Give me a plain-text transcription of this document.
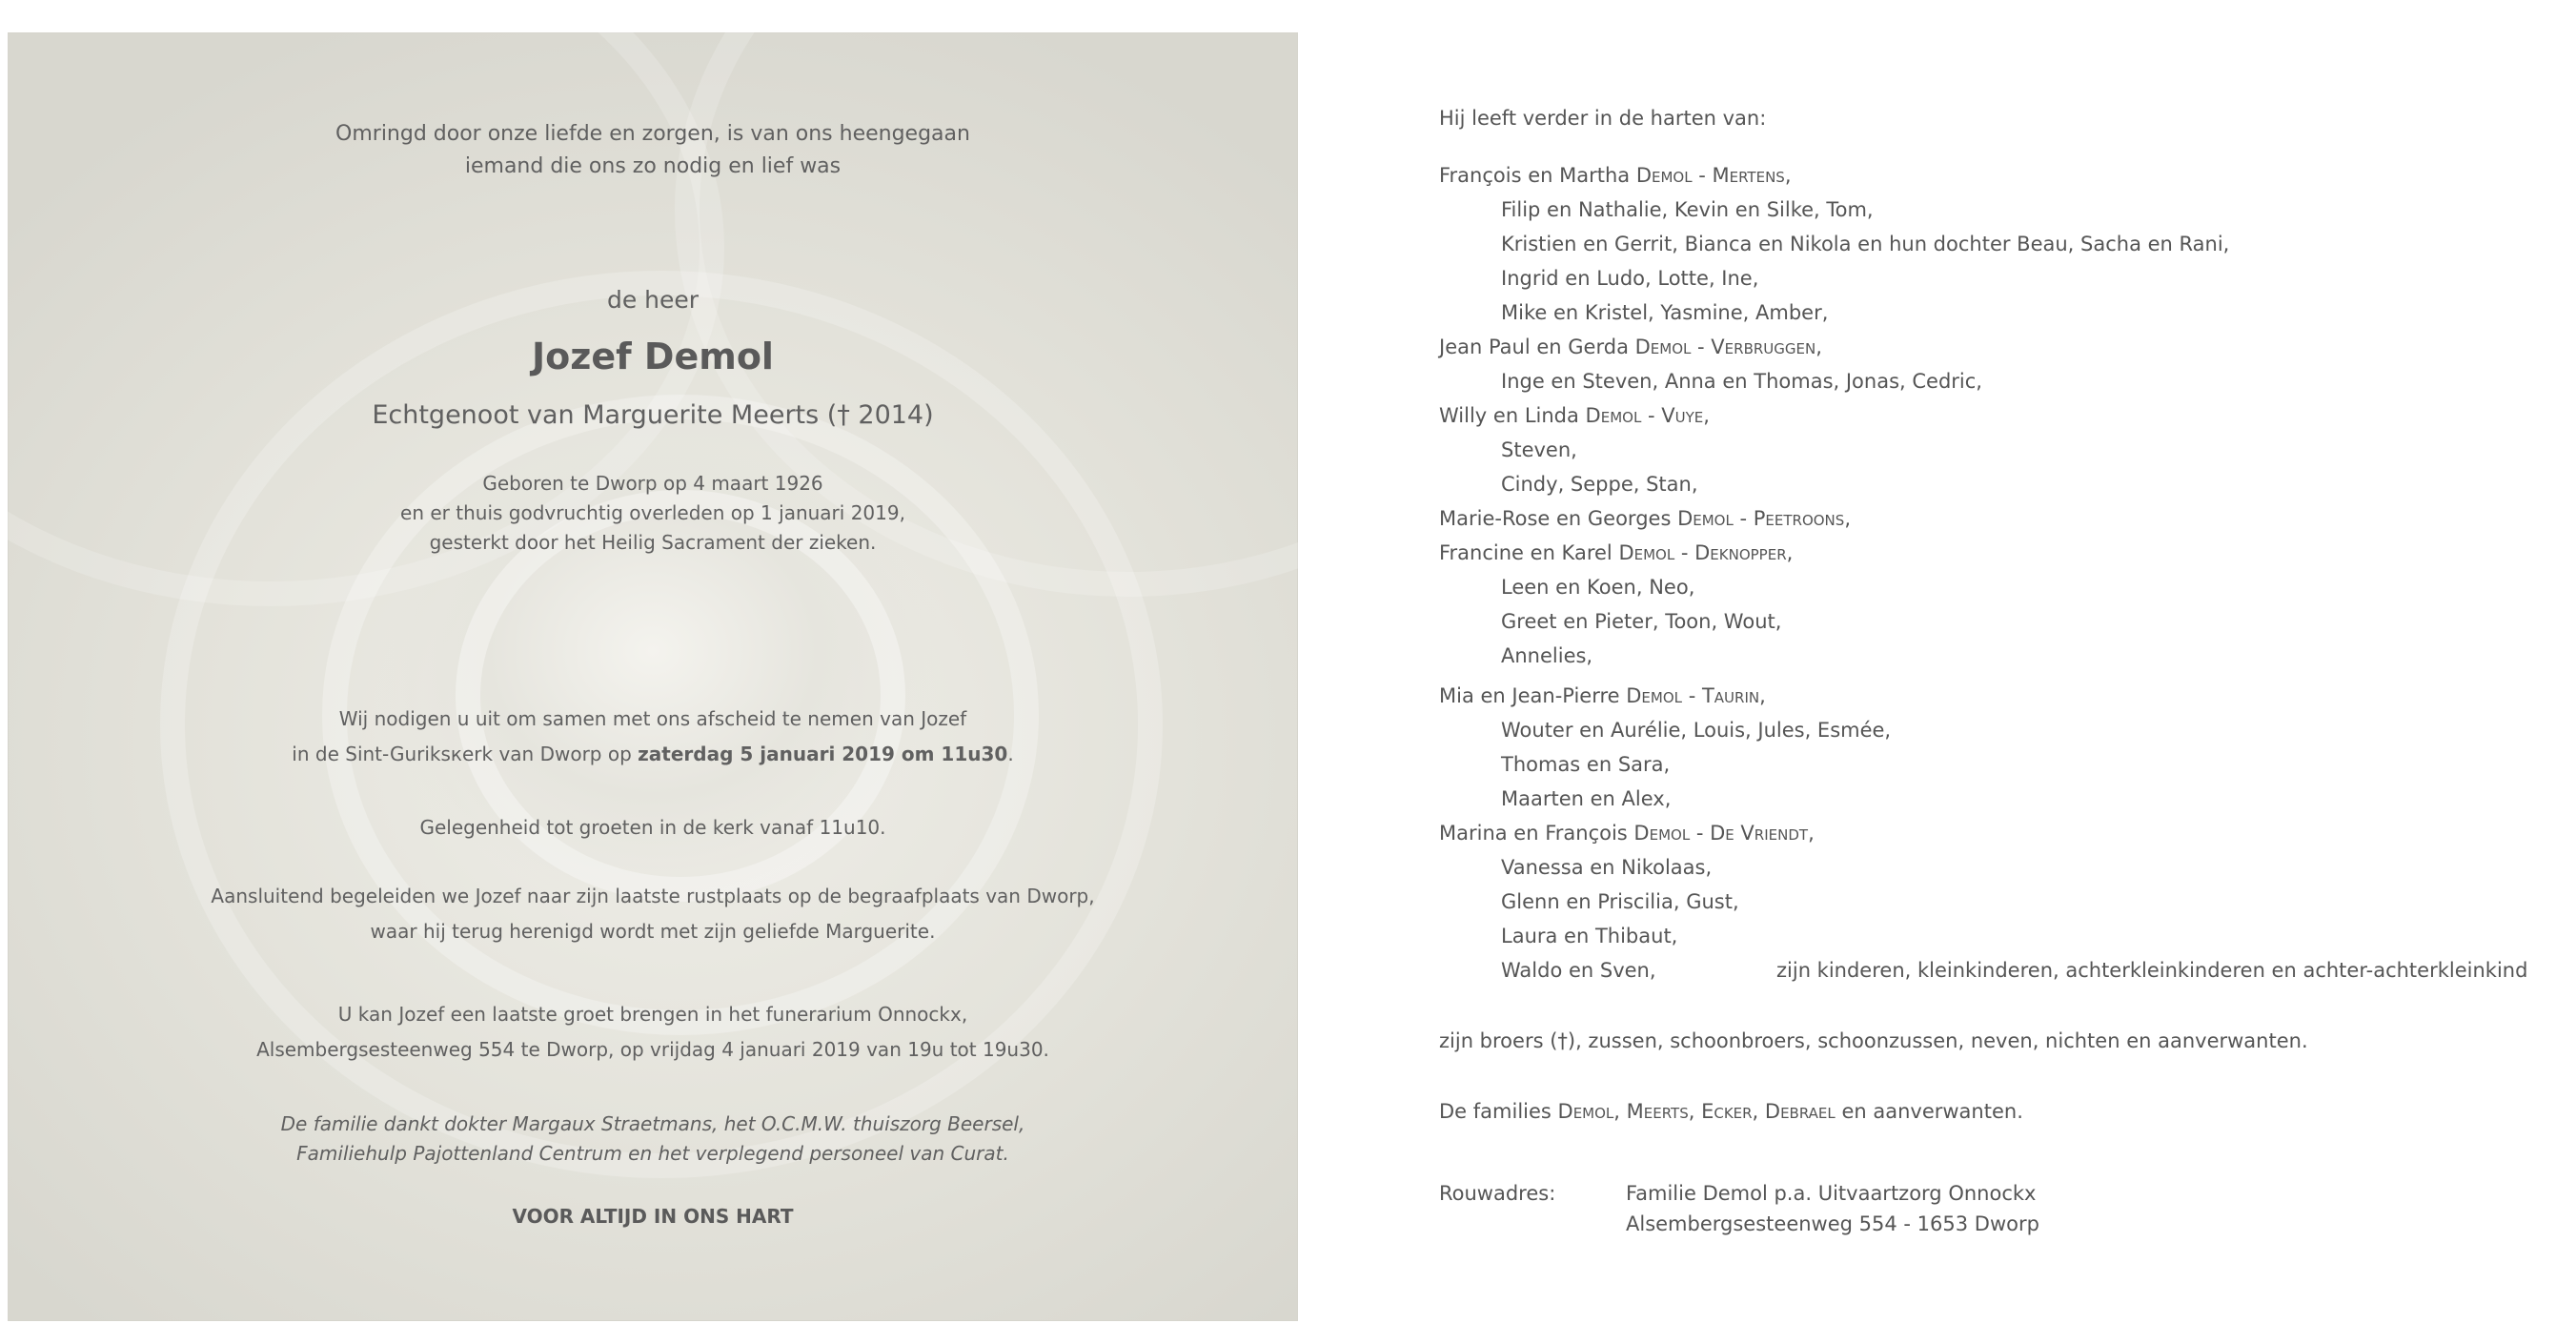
Omringd door onze liefde en zorgen, is van ons heengegaan
iemand die ons zo nodig en lief was
de heer
Jozef Demol
Echtgenoot van Marguerite Meerts († 2014)
Geboren te Dworp op 4 maart 1926
en er thuis godvruchtig overleden op 1 januari 2019,
gesterkt door het Heilig Sacrament der zieken.
Wij nodigen u uit om samen met ons afscheid te nemen van Jozef
in de Sint-Guriksкerk van Dworp op zaterdag 5 januari 2019 om 11u30.
Gelegenheid tot groeten in de kerk vanaf 11u10.
Aansluitend begeleiden we Jozef naar zijn laatste rustplaats op de begraafplaats van Dworp,
waar hij terug herenigd wordt met zijn geliefde Marguerite.
U kan Jozef een laatste groet brengen in het funerarium Onnockx,
Alsembergsesteenweg 554 te Dworp, op vrijdag 4 januari 2019 van 19u tot 19u30.
De familie dankt dokter Margaux Straetmans, het O.C.M.W. thuiszorg Beersel,
Familiehulp Pajottenland Centrum en het verplegend personeel van Curat.
VOOR ALTIJD IN ONS HART
Hij leeft verder in de harten van:
François en Martha Demol - Mertens,
Filip en Nathalie, Kevin en Silke, Tom,
Kristien en Gerrit, Bianca en Nikola en hun dochter Beau, Sacha en Rani,
Ingrid en Ludo, Lotte, Ine,
Mike en Kristel, Yasmine, Amber,
Jean Paul en Gerda Demol - Verbruggen,
Inge en Steven, Anna en Thomas, Jonas, Cedric,
Willy en Linda Demol - Vuye,
Steven,
Cindy, Seppe, Stan,
Marie-Rose en Georges Demol - Peetroons,
Francine en Karel Demol - Deknopper,
Leen en Koen, Neo,
Greet en Pieter, Toon, Wout,
Annelies,
Mia en Jean-Pierre Demol - Taurin,
Wouter en Aurélie, Louis, Jules, Esmée,
Thomas en Sara,
Maarten en Alex,
Marina en François Demol - De Vriendt,
Vanessa en Nikolaas,
Glenn en Priscilia, Gust,
Laura en Thibaut,
Waldo en Sven,	zijn kinderen, kleinkinderen, achterkleinkinderen en achter-achterkleinkind
zijn broers (†), zussen, schoonbroers, schoonzussen, neven, nichten en aanverwanten.
De families Demol, Meerts, Ecker, Debrael en aanverwanten.
Rouwadres:	Familie Demol p.a. Uitvaartzorg Onnockx
Alsembergsesteenweg 554 - 1653 Dworp
